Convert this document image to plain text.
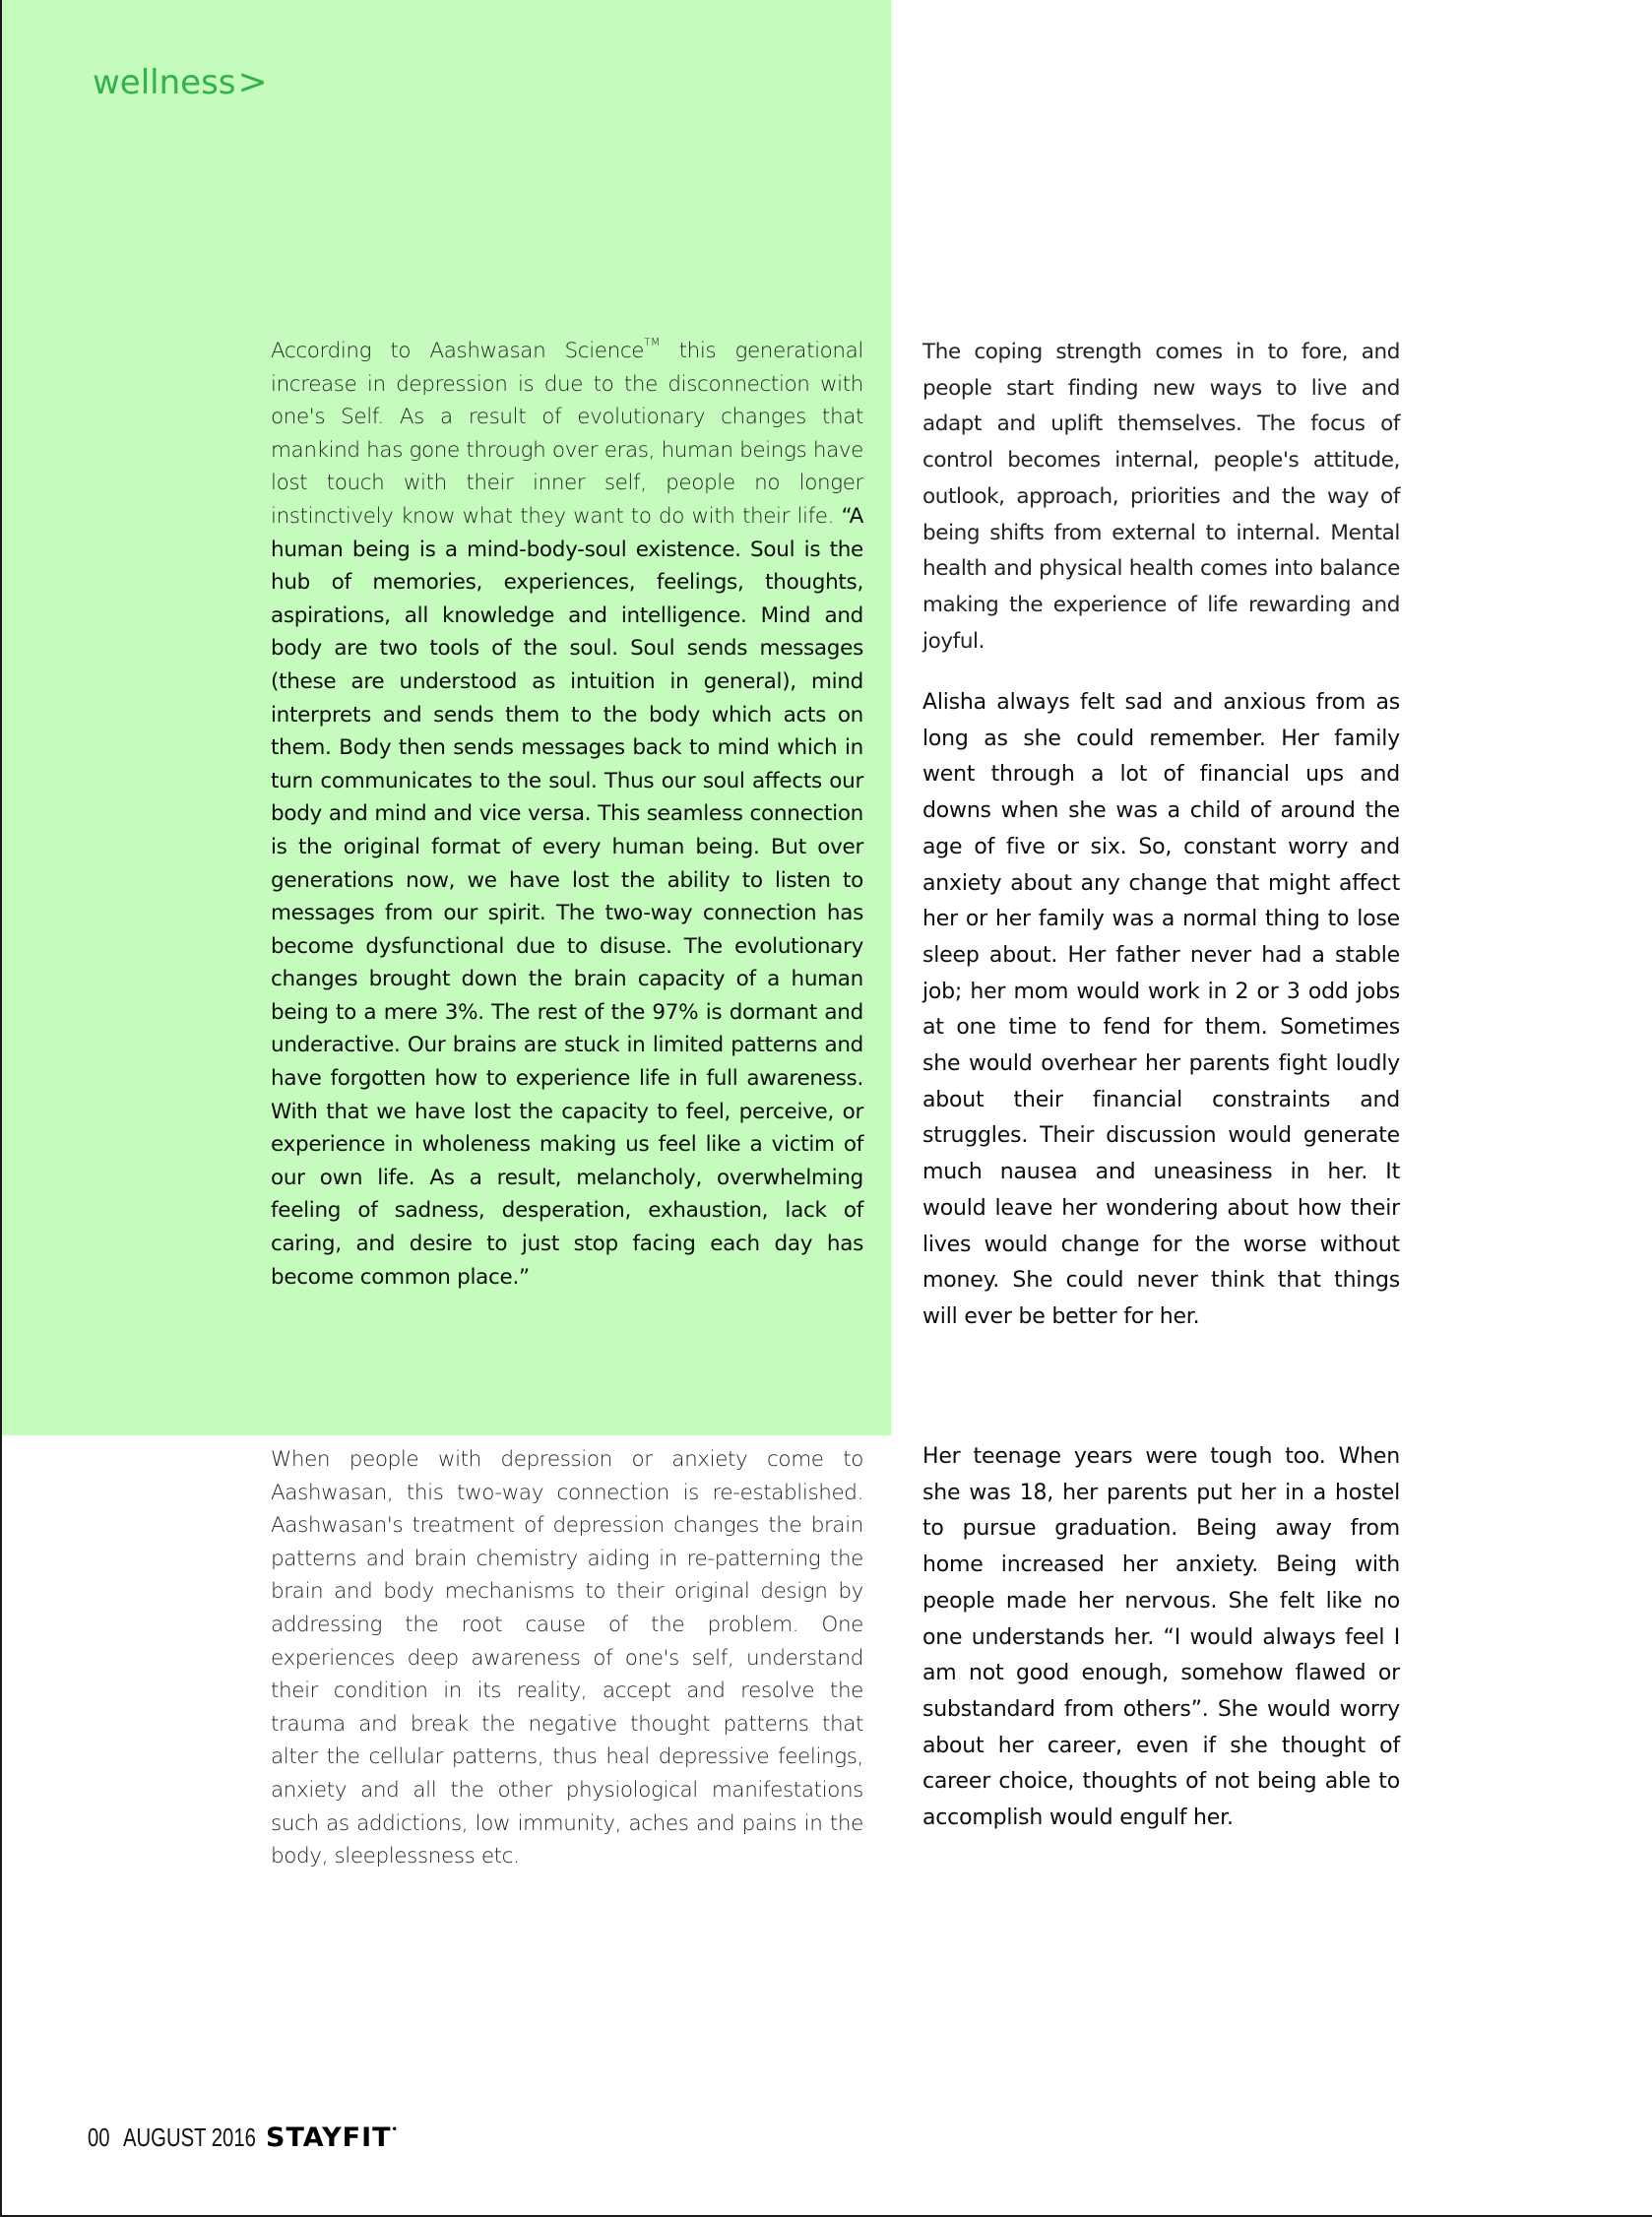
wellness>

According to Aashwasan Science™ this generational increase in depression is due to the disconnection with one's Self. As a result of evolutionary changes that mankind has gone through over eras, human beings have lost touch with their inner self, people no longer instinctively know what they want to do with their life. “A human being is a mind-body-soul existence. Soul is the hub of memories, experiences, feelings, thoughts, aspirations, all knowledge and intelligence. Mind and body are two tools of the soul. Soul sends messages (these are understood as intuition in general), mind interprets and sends them to the body which acts on them. Body then sends messages back to mind which in turn communicates to the soul. Thus our soul affects our body and mind and vice versa. This seamless connection is the original format of every human being. But over generations now, we have lost the ability to listen to messages from our spirit. The two-way connection has become dysfunctional due to disuse. The evolutionary changes brought down the brain capacity of a human being to a mere 3%. The rest of the 97% is dormant and underactive. Our brains are stuck in limited patterns and have forgotten how to experience life in full awareness. With that we have lost the capacity to feel, perceive, or experience in wholeness making us feel like a victim of our own life. As a result, melancholy, overwhelming feeling of sadness, desperation, exhaustion, lack of caring, and desire to just stop facing each day has become common place.”

When people with depression or anxiety come to Aashwasan, this two-way connection is re-established. Aashwasan's treatment of depression changes the brain patterns and brain chemistry aiding in re-patterning the brain and body mechanisms to their original design by addressing the root cause of the problem. One experiences deep awareness of one's self, understand their condition in its reality, accept and resolve the trauma and break the negative thought patterns that alter the cellular patterns, thus heal depressive feelings, anxiety and all the other physiological manifestations such as addictions, low immunity, aches and pains in the body, sleeplessness etc.

The coping strength comes in to fore, and people start finding new ways to live and adapt and uplift themselves. The focus of control becomes internal, people's attitude, outlook, approach, priorities and the way of being shifts from external to internal. Mental health and physical health comes into balance making the experience of life rewarding and joyful.

Alisha always felt sad and anxious from as long as she could remember. Her family went through a lot of financial ups and downs when she was a child of around the age of five or six. So, constant worry and anxiety about any change that might affect her or her family was a normal thing to lose sleep about. Her father never had a stable job; her mom would work in 2 or 3 odd jobs at one time to fend for them. Sometimes she would overhear her parents fight loudly about their financial constraints and struggles. Their discussion would generate much nausea and uneasiness in her. It would leave her wondering about how their lives would change for the worse without money. She could never think that things will ever be better for her.

Her teenage years were tough too. When she was 18, her parents put her in a hostel to pursue graduation. Being away from home increased her anxiety. Being with people made her nervous. She felt like no one understands her. “I would always feel I am not good enough, somehow flawed or substandard from others”. She would worry about her career, even if she thought of career choice, thoughts of not being able to accomplish would engulf her.

00 AUGUST 2016 STAYFIT•
